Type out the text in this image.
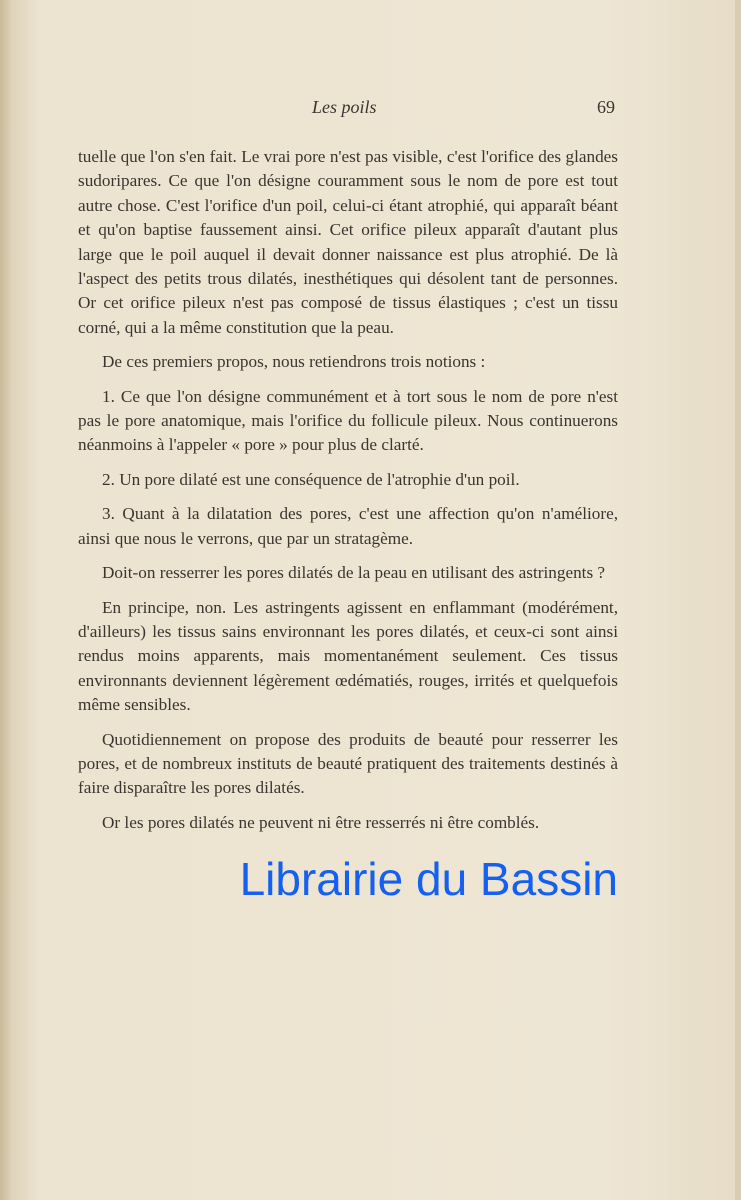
Les poils	69

tuelle que l'on s'en fait. Le vrai pore n'est pas visible, c'est l'orifice des glandes sudoripares. Ce que l'on désigne couramment sous le nom de pore est tout autre chose. C'est l'orifice d'un poil, celui-ci étant atrophié, qui apparaît béant et qu'on baptise faussement ainsi. Cet orifice pileux apparaît d'autant plus large que le poil auquel il devait donner naissance est plus atrophié. De là l'aspect des petits trous dilatés, inesthétiques qui désolent tant de personnes. Or cet orifice pileux n'est pas composé de tissus élastiques ; c'est un tissu corné, qui a la même constitution que la peau.

De ces premiers propos, nous retiendrons trois notions :

1. Ce que l'on désigne communément et à tort sous le nom de pore n'est pas le pore anatomique, mais l'orifice du follicule pileux. Nous continuerons néanmoins à l'appeler « pore » pour plus de clarté.

2. Un pore dilaté est une conséquence de l'atrophie d'un poil.

3. Quant à la dilatation des pores, c'est une affection qu'on n'améliore, ainsi que nous le verrons, que par un stratagème.

Doit-on resserrer les pores dilatés de la peau en utilisant des astringents ?

En principe, non. Les astringents agissent en enflammant (modérément, d'ailleurs) les tissus sains environnant les pores dilatés, et ceux-ci sont ainsi rendus moins apparents, mais momentanément seulement. Ces tissus environnants deviennent légèrement œdématiés, rouges, irrités et quelquefois même sensibles.

Quotidiennement on propose des produits de beauté pour resserrer les pores, et de nombreux instituts de beauté pratiquent des traitements destinés à faire disparaître les pores dilatés.

Or les pores dilatés ne peuvent ni être resserrés ni être comblés.

Librairie du Bassin
